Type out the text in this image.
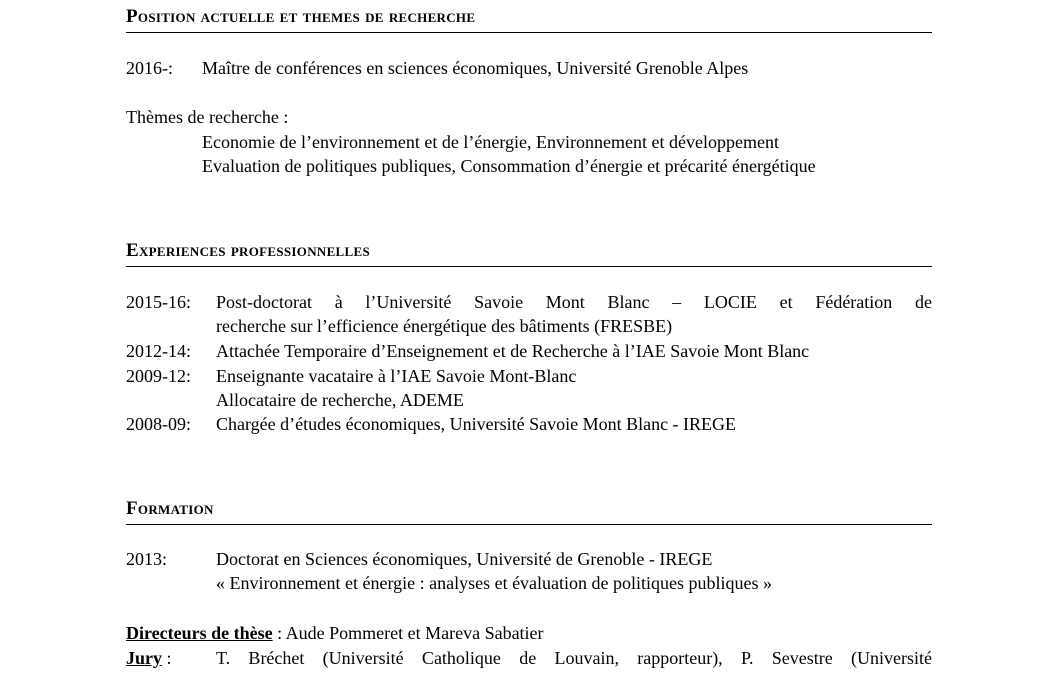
Position actuelle et themes de recherche
2016-: Maître de conférences en sciences économiques, Université Grenoble Alpes
Thèmes de recherche :
Economie de l’environnement et de l’énergie, Environnement et développement
Evaluation de politiques publiques, Consommation d’énergie et précarité énergétique
Experiences professionnelles
2015-16: Post-doctorat à l’Université Savoie Mont Blanc – LOCIE et Fédération de
recherche sur l’efficience énergétique des bâtiments (FRESBE)
2012-14: Attachée Temporaire d’Enseignement et de Recherche à l’IAE Savoie Mont Blanc
2009-12: Enseignante vacataire à l’IAE Savoie Mont-Blanc
Allocataire de recherche, ADEME
2008-09: Chargée d’études économiques, Université Savoie Mont Blanc - IREGE
Formation
2013:	Doctorat en Sciences économiques, Université de Grenoble - IREGE
« Environnement et énergie : analyses et évaluation de politiques publiques »
Directeurs de thèse : Aude Pommeret et Mareva Sabatier
Jury : T. Bréchet (Université Catholique de Louvain, rapporteur), P. Sevestre (Université
